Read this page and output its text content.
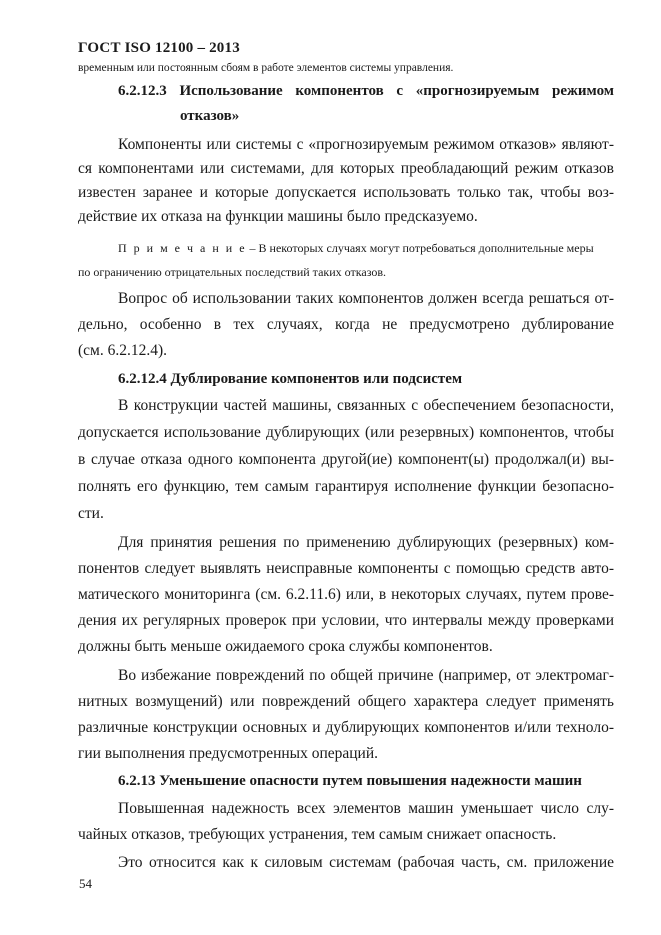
ГОСТ ISO 12100 – 2013
временным или постоянным сбоям в работе элементов системы управления.
6.2.12.3 Использование компонентов с «прогнозируемым режимом
отказов»
Компоненты или системы с «прогнозируемым режимом отказов» являют-
ся компонентами или системами, для которых преобладающий режим отказов
известен заранее и которые допускается использовать только так, чтобы воз-
действие их отказа на функции машины было предсказуемо.
П р и м е ч а н и е – В некоторых случаях могут потребоваться дополнительные меры
по ограничению отрицательных последствий таких отказов.
Вопрос об использовании таких компонентов должен всегда решаться от-
дельно, особенно в тех случаях, когда не предусмотрено дублирование
(см. 6.2.12.4).
6.2.12.4 Дублирование компонентов или подсистем
В конструкции частей машины, связанных с обеспечением безопасности,
допускается использование дублирующих (или резервных) компонентов, чтобы
в случае отказа одного компонента другой(ие) компонент(ы) продолжал(и) вы-
полнять его функцию, тем самым гарантируя исполнение функции безопасно-
сти.
Для принятия решения по применению дублирующих (резервных) ком-
понентов следует выявлять неисправные компоненты с помощью средств авто-
матического мониторинга (см. 6.2.11.6) или, в некоторых случаях, путем прове-
дения их регулярных проверок при условии, что интервалы между проверками
должны быть меньше ожидаемого срока службы компонентов.
Во избежание повреждений по общей причине (например, от электромаг-
нитных возмущений) или повреждений общего характера следует применять
различные конструкции основных и дублирующих компонентов и/или техноло-
гии выполнения предусмотренных операций.
6.2.13 Уменьшение опасности путем повышения надежности машин
Повышенная надежность всех элементов машин уменьшает число слу-
чайных отказов, требующих устранения, тем самым снижает опасность.
Это относится как к силовым системам (рабочая часть, см. приложение
54
